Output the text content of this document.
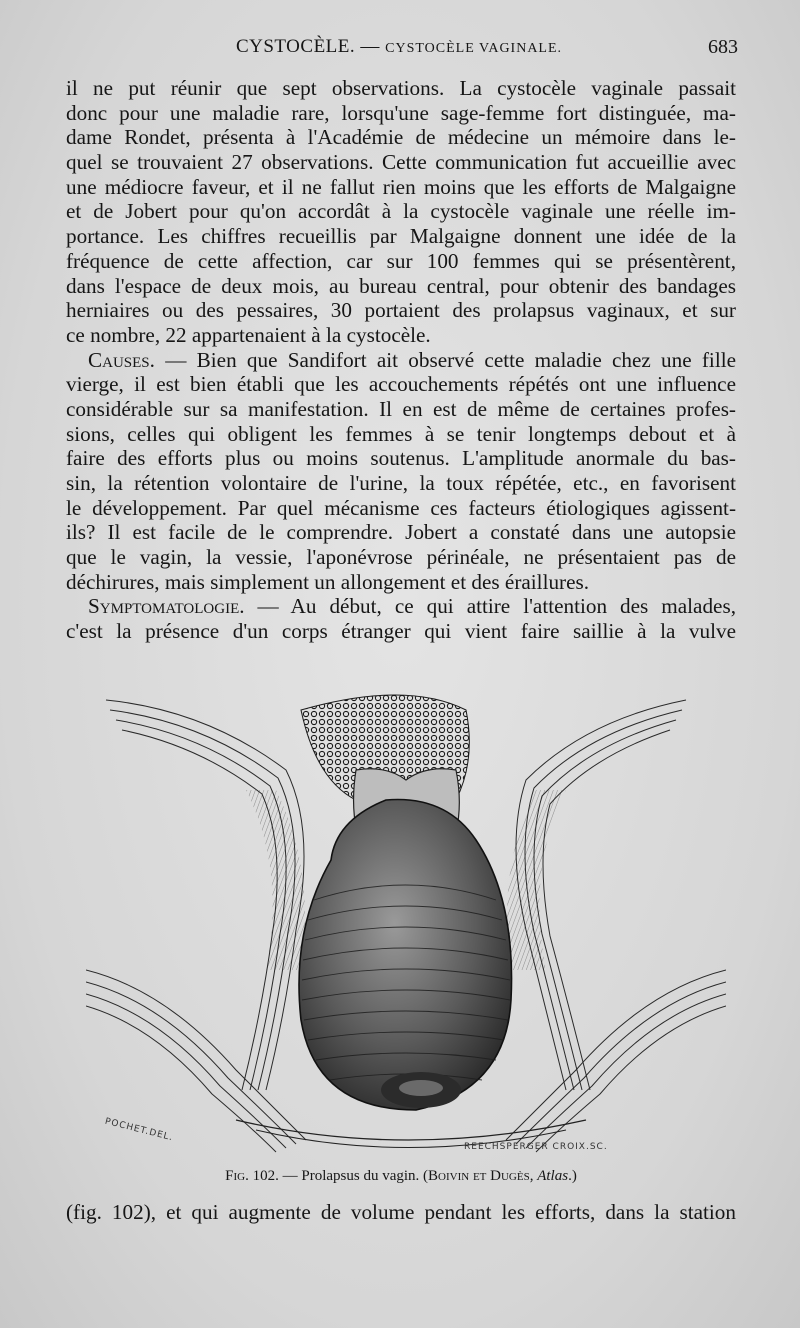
CYSTOCÈLE. — CYSTOCÈLE VAGINALE.	683
il ne put réunir que sept observations. La cystocèle vaginale passait
donc pour une maladie rare, lorsqu'une sage-femme fort distinguée, ma-
dame Rondet, présenta à l'Académie de médecine un mémoire dans le-
quel se trouvaient 27 observations. Cette communication fut accueillie avec
une médiocre faveur, et il ne fallut rien moins que les efforts de Malgaigne
et de Jobert pour qu'on accordât à la cystocèle vaginale une réelle im-
portance. Les chiffres recueillis par Malgaigne donnent une idée de la
fréquence de cette affection, car sur 100 femmes qui se présentèrent,
dans l'espace de deux mois, au bureau central, pour obtenir des bandages
herniaires ou des pessaires, 30 portaient des prolapsus vaginaux, et sur
ce nombre, 22 appartenaient à la cystocèle.
Causes. — Bien que Sandifort ait observé cette maladie chez une fille
vierge, il est bien établi que les accouchements répétés ont une influence
considérable sur sa manifestation. Il en est de même de certaines profes-
sions, celles qui obligent les femmes à se tenir longtemps debout et à
faire des efforts plus ou moins soutenus. L'amplitude anormale du bas-
sin, la rétention volontaire de l'urine, la toux répétée, etc., en favorisent
le développement. Par quel mécanisme ces facteurs étiologiques agissent-
ils? Il est facile de le comprendre. Jobert a constaté dans une autopsie
que le vagin, la vessie, l'aponévrose périnéale, ne présentaient pas de
déchirures, mais simplement un allongement et des éraillures.
Symptomatologie. — Au début, ce qui attire l'attention des malades,
c'est la présence d'un corps étranger qui vient faire saillie à la vulve
POCHET.DEL.
REECHSPERGER CROIX.SC.
Fig. 102. — Prolapsus du vagin. (Boivin et Dugès, Atlas.)
(fig. 102), et qui augmente de volume pendant les efforts, dans la station
